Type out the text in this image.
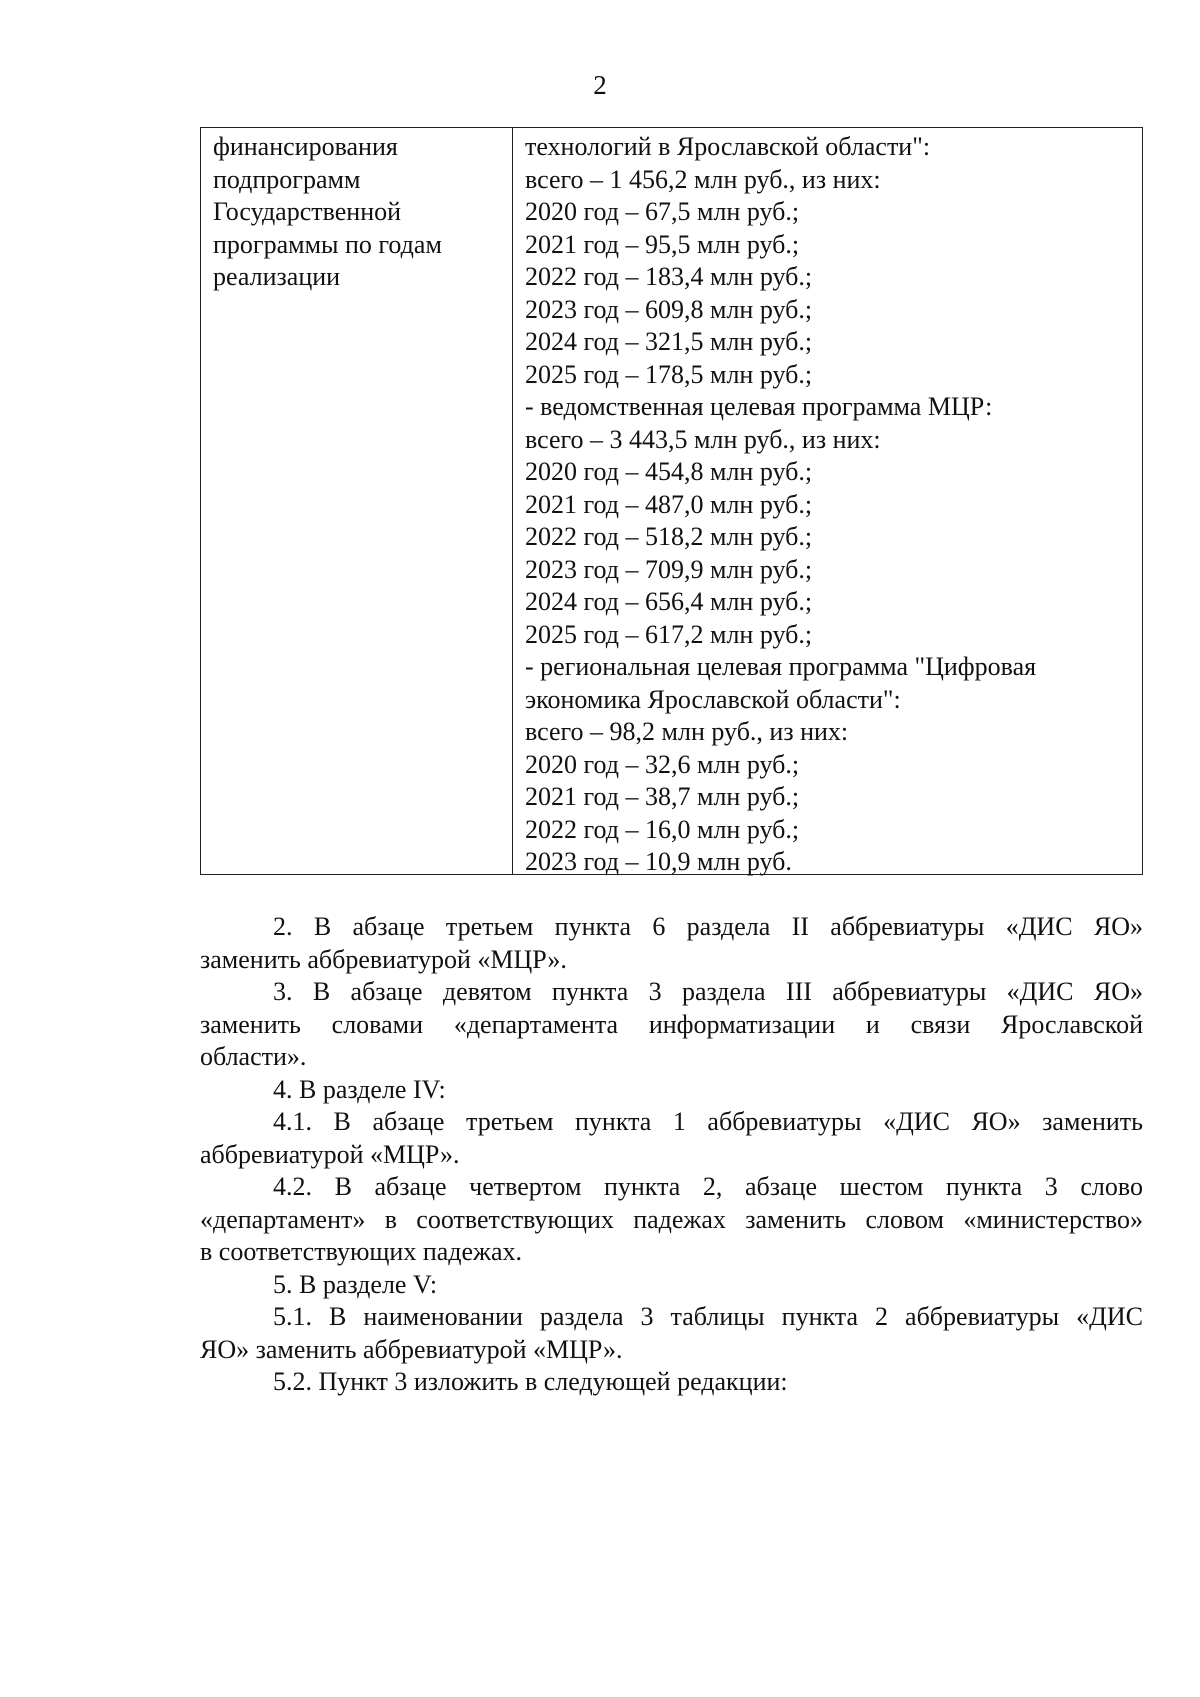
2
финансирования
подпрограмм
Государственной
программы по годам
реализации
технологий в Ярославской области":
всего – 1 456,2 млн руб., из них:
2020 год – 67,5 млн руб.;
2021 год – 95,5 млн руб.;
2022 год – 183,4 млн руб.;
2023 год – 609,8 млн руб.;
2024 год – 321,5 млн руб.;
2025 год – 178,5 млн руб.;
- ведомственная целевая программа МЦР:
всего – 3 443,5 млн руб., из них:
2020 год – 454,8 млн руб.;
2021 год – 487,0 млн руб.;
2022 год – 518,2 млн руб.;
2023 год – 709,9 млн руб.;
2024 год – 656,4 млн руб.;
2025 год – 617,2 млн руб.;
- региональная целевая программа "Цифровая
экономика Ярославской области":
всего – 98,2 млн руб., из них:
2020 год – 32,6 млн руб.;
2021 год – 38,7 млн руб.;
2022 год – 16,0 млн руб.;
2023 год – 10,9 млн руб.

2. В абзаце третьем пункта 6 раздела II аббревиатуры «ДИС ЯО»
заменить аббревиатурой «МЦР».

3. В абзаце девятом пункта 3 раздела III аббревиатуры «ДИС ЯО»
заменить словами «департамента информатизации и связи Ярославской
области».

4. В разделе IV:

4.1. В абзаце третьем пункта 1 аббревиатуры «ДИС ЯО» заменить
аббревиатурой «МЦР».

4.2. В абзаце четвертом пункта 2, абзаце шестом пункта 3 слово
«департамент» в соответствующих падежах заменить словом «министерство»
в соответствующих падежах.

5. В разделе V:

5.1. В наименовании раздела 3 таблицы пункта 2 аббревиатуры «ДИС
ЯО» заменить аббревиатурой «МЦР».

5.2. Пункт 3 изложить в следующей редакции:
